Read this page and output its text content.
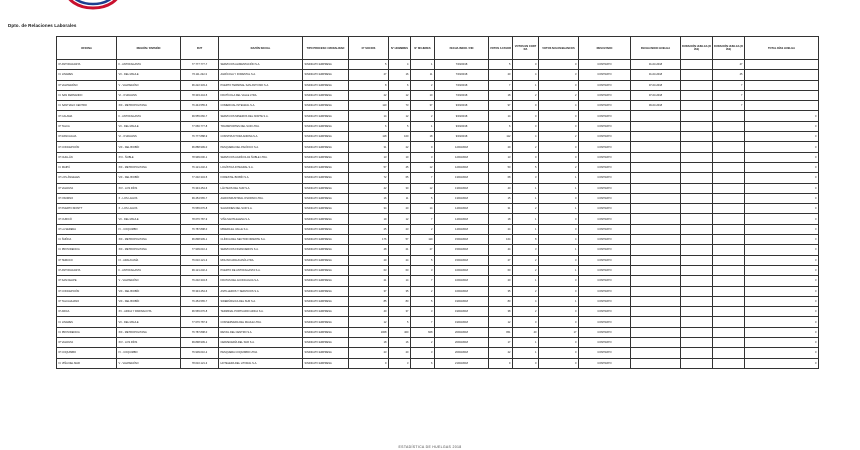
Dpto. de Relaciones Laborales
OFICINA	REGIÓN / DIVISIÓN	RUT	RAZÓN SOCIAL	TIPO PROCESO / MODALIDAD	N° SOCIOS	N° HOMBRES	N° MUJERES	FECHA INICIO / FIN	VOTOS A FAVOR	VOTOS EN CONTRA	VOTOS NULOS/BLANCOS	RESULTADO	FECHA INICIO HUELGA	DURACIÓN HUELGA (DÍAS)	DURACIÓN HUELGA (DÍAS)	TOTAL DÍAS HUELGA
IP ANTOFAGASTA	II - ANTOFAGASTA	77.777.777-7	SERVICIOS ALIMENTACIÓN S.A.	SINDICATO EMPRESA	5	4	1	7/03/2018	5	0	0	CONTRATO	01-03-2018		47	
IC LINARES	VII - DEL MAULE	76.111.222-3	AGRÍCOLA Y FORESTAL S.A.	SINDICATO EMPRESA	27	16	11	7/03/2018	20	4	3	CONTRATO	01-03-2018		45	
IP VALPARAÍSO	V - VALPARAÍSO	96.222.333-4	PUERTO TERMINAL SAN ANTONIO S.A.	SINDICATO EMPRESA	8	6	2	7/03/2018	7	1	0	CONTRATO	07-03-2018		7	
IC SAN FERNANDO	VI - O'HIGGINS	78.333.444-5	FRUTÍCOLA DEL VALLE LTDA.	SINDICATO EMPRESA	22	12	10	7/03/2018	18	2	2	CONTRATO	07-03-2018		7	
IC SANTIAGO CENTRO	XIII - METROPOLITANA	76.444.555-6	COMERCIAL INTEGRAL S.A.	SINDICATO EMPRESA	110	73	37	9/03/2018	97	9	4	CONTRATO	09-03-2018		7	
IP CALAMA	II - ANTOFAGASTA	99.555.666-7	SERVICIOS MINEROS DEL NORTE S.A.	SINDICATO EMPRESA	14	12	2	9/03/2018	14	0	0	CONTRATO				0
IP TALCA	VII - DEL MAULE	77.666.777-8	TRANSPORTES DEL SUR LTDA.	SINDICATO EMPRESA	6	5	1	9/03/2018	6	0	0	CONTRATO				0
IP RANCAGUA	VI - O'HIGGINS	76.777.888-9	CONSTRUCTORA ANDINA S.A.	SINDICATO EMPRESA	118	100	18	9/03/2018	112	4	2	CONTRATO				0
IP CONCEPCIÓN	VIII - DEL BIOBÍO	96.888.999-0	PESQUERA DEL PACÍFICO S.A.	SINDICATO EMPRESA	31	22	9	12/03/2018	29	2	0	CONTRATO				0
IP CHILLÁN	XVI - ÑUBLE	78.999.000-1	SERVICIOS AGRÍCOLAS ÑUBLE LTDA.	SINDICATO EMPRESA	13	10	3	12/03/2018	13	0	0	CONTRATO				0
IC MAIPÚ	XIII - METROPOLITANA	76.121.232-4	LOGÍSTICA INTEGRAL S.A.	SINDICATO EMPRESA	57	45	12	12/03/2018	50	5	2	CONTRATO				0
IP LOS ÁNGELES	VIII - DEL BIOBÍO	77.232.343-5	FORESTAL BIOBÍO S.A.	SINDICATO EMPRESA	72	65	7	13/03/2018	68	3	1	CONTRATO				0
IP VALDIVIA	XIV - LOS RÍOS	76.343.454-6	LÁCTEOS DEL SUR S.A.	SINDICATO EMPRESA	42	30	12	13/03/2018	40	1	1	CONTRATO				0
IP OSORNO	X - LOS LAGOS	99.454.565-7	AGROINDUSTRIAL OSORNO LTDA.	SINDICATO EMPRESA	16	11	5	13/03/2018	15	1	0	CONTRATO				0
IP PUERTO MONTT	X - LOS LAGOS	76.565.676-8	SALMONES DEL SUR S.A.	SINDICATO EMPRESA	34	20	14	14/03/2018	31	2	1	CONTRATO				0
IP CURICÓ	VII - DEL MAULE	78.676.787-9	VIÑA SANTA ELENA S.A.	SINDICATO EMPRESA	19	12	7	14/03/2018	18	1	0	CONTRATO				0
IP LA SERENA	IV - COQUIMBO	76.787.898-0	MINERA EL VALLE S.A.	SINDICATO EMPRESA	25	23	2	14/03/2018	24	1	0	CONTRATO				0
IC ÑUÑOA	XIII - METROPOLITANA	96.898.909-1	CLÍNICA DEL SECTOR ORIENTE S.A.	SINDICATO EMPRESA	176	57	119	15/03/2018	164	8	4	CONTRATO				0
IC PROVIDENCIA	XIII - METROPOLITANA	77.909.010-2	SERVICIOS FINANCIEROS S.A.	SINDICATO EMPRESA	48	21	27	15/03/2018	44	3	1	CONTRATO				0
IP TEMUCO	IX - ARAUCANÍA	76.010.121-3	MOLINO ARAUCANÍA LTDA.	SINDICATO EMPRESA	29	24	5	15/03/2018	27	2	0	CONTRATO				0
IP ANTOFAGASTA	II - ANTOFAGASTA	99.121.232-4	PUERTO DE ANTOFAGASTA S.A.	SINDICATO EMPRESA	63	60	3	16/03/2018	60	2	1	CONTRATO				0
IP SAN FELIPE	V - VALPARAÍSO	76.232.343-5	FRUTAS DEL ACONCAGUA S.A.	SINDICATO EMPRESA	21	14	7	16/03/2018	20	1	0	CONTRATO				0
IP CONCEPCIÓN	VIII - DEL BIOBÍO	78.343.454-6	ASTILLEROS Y SERVICIOS S.A.	SINDICATO EMPRESA	37	35	2	16/03/2018	35	2	0	CONTRATO				0
IP TALCAHUANO	VIII - DEL BIOBÍO	76.454.565-7	SIDERÚRGICA DEL SUR S.A.	SINDICATO EMPRESA	85	80	5	19/03/2018	80	4	1	CONTRATO				0
IP ARICA	XV - ARICA Y PARINACOTA	96.565.676-8	TERMINAL PORTUARIO ARICA S.A.	SINDICATO EMPRESA	40	37	3	19/03/2018	38	2	0	CONTRATO				0
IC LINARES	VII - DEL MAULE	77.676.787-9	CONSERVERA DEL MAULE LTDA.	SINDICATO EMPRESA	12	5	7	19/03/2018	12	0	0	CONTRATO				0
IC PROVIDENCIA	XIII - METROPOLITANA	76.787.898-0	RETAIL DEL CENTRO S.A.	SINDICATO EMPRESA	1008	400	608	20/03/2018	951	40	17	CONTRATO				0
IP VALDIVIA	XIV - LOS RÍOS	99.898.909-1	CERVECERÍA DEL SUR S.A.	SINDICATO EMPRESA	18	16	2	20/03/2018	17	1	0	CONTRATO				0
IP COQUIMBO	IV - COQUIMBO	76.909.010-2	PESQUERA COQUIMBO LTDA.	SINDICATO EMPRESA	23	20	3	20/03/2018	22	1	0	CONTRATO				0
IC VIÑA DEL MAR	V - VALPARAÍSO	78.010.121-3	HOTELERA DEL LITORAL S.A.	SINDICATO EMPRESA	9	3	6	21/03/2018	9	0	0	CONTRATO				0
ESTADÍSTICA DE HUELGAS 2018
